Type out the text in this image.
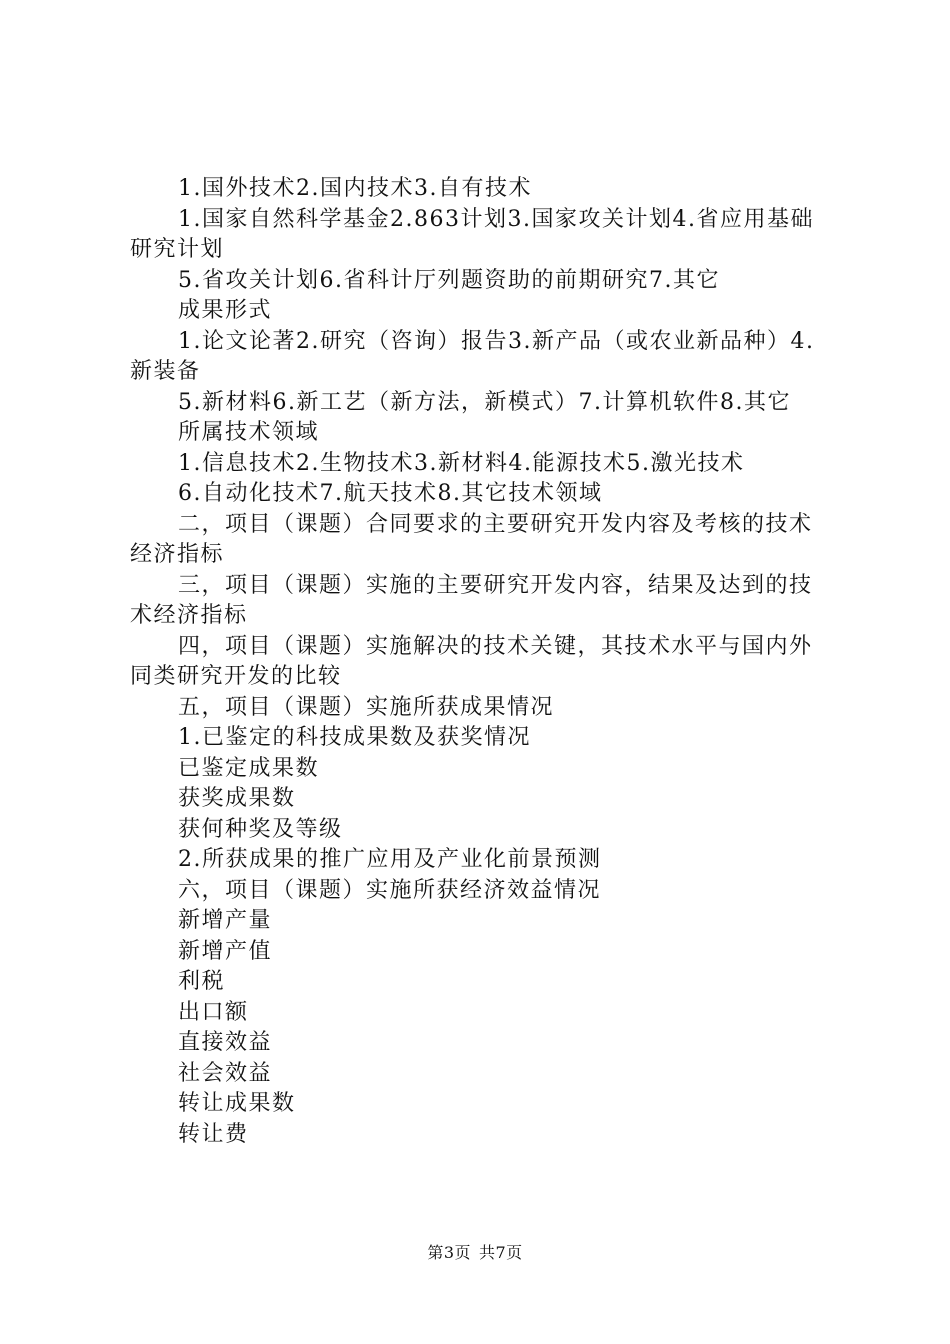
1.国外技术2.国内技术3.自有技术

1.国家自然科学基金2.863计划3.国家攻关计划4.省应用基础研究计划

5.省攻关计划6.省科计厅列题资助的前期研究7.其它

成果形式

1.论文论著2.研究（咨询）报告3.新产品（或农业新品种）4.新装备

5.新材料6.新工艺（新方法，新模式）7.计算机软件8.其它

所属技术领域

1.信息技术2.生物技术3.新材料4.能源技术5.激光技术

6.自动化技术7.航天技术8.其它技术领域

二，项目（课题）合同要求的主要研究开发内容及考核的技术经济指标

三，项目（课题）实施的主要研究开发内容，结果及达到的技术经济指标

四，项目（课题）实施解决的技术关键，其技术水平与国内外同类研究开发的比较

五，项目（课题）实施所获成果情况

1.已鉴定的科技成果数及获奖情况

已鉴定成果数

获奖成果数

获何种奖及等级

2.所获成果的推广应用及产业化前景预测

六，项目（课题）实施所获经济效益情况

新增产量

新增产值

利税

出口额

直接效益

社会效益

转让成果数

转让费

第3页 共7页
